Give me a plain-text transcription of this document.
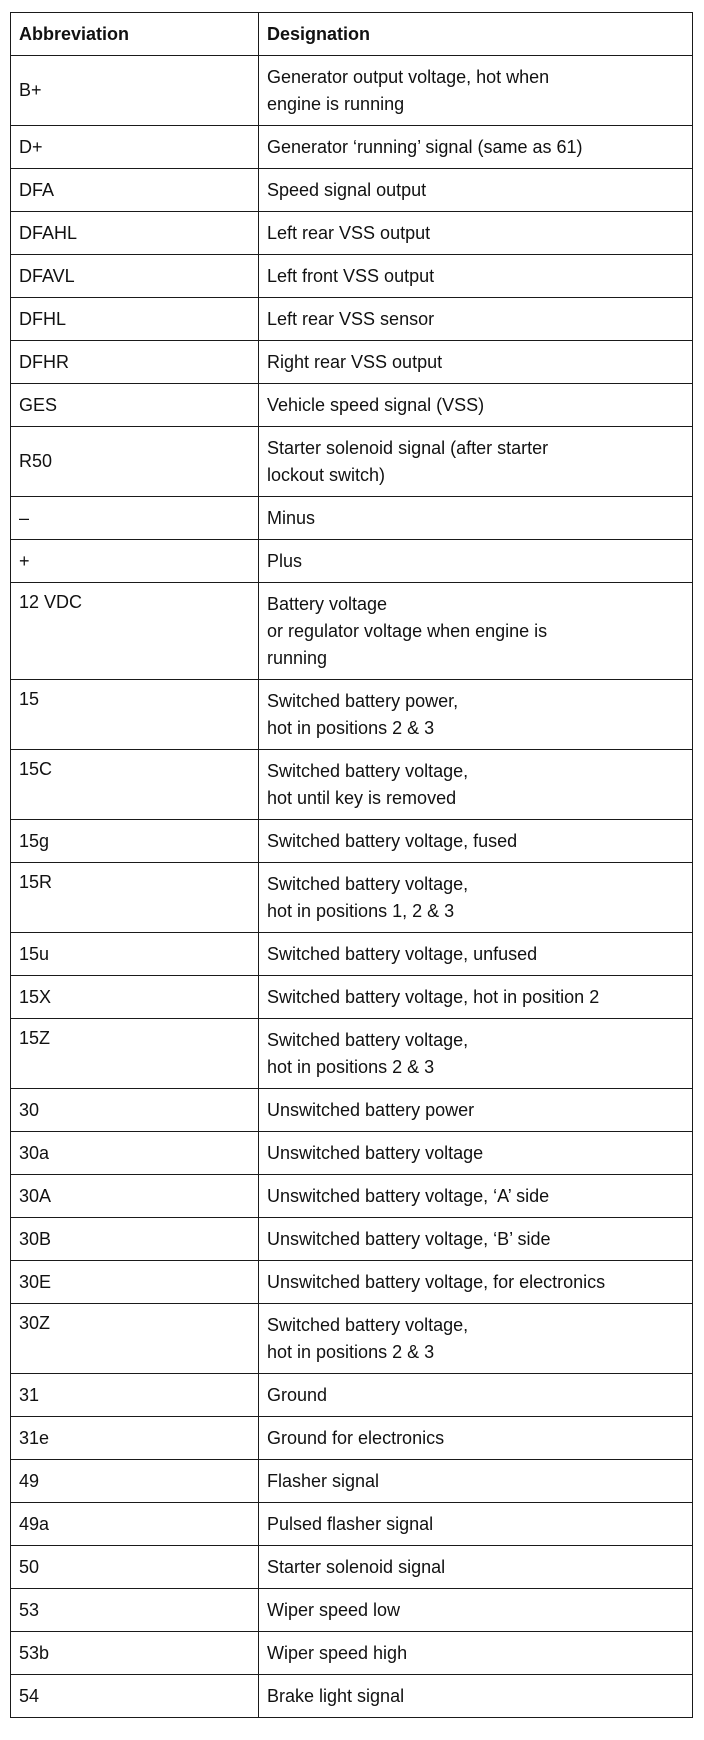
Abbreviation	Designation
B+	Generator output voltage, hot when
engine is running
D+	Generator ‘running’ signal (same as 61)
DFA	Speed signal output
DFAHL	Left rear VSS output
DFAVL	Left front VSS output
DFHL	Left rear VSS sensor
DFHR	Right rear VSS output
GES	Vehicle speed signal (VSS)
R50	Starter solenoid signal (after starter
lockout switch)
–	Minus
+	Plus
12 VDC	Battery voltage
or regulator voltage when engine is
running
15	Switched battery power,
hot in positions 2 & 3
15C	Switched battery voltage,
hot until key is removed
15g	Switched battery voltage, fused
15R	Switched battery voltage,
hot in positions 1, 2 & 3
15u	Switched battery voltage, unfused
15X	Switched battery voltage, hot in position 2
15Z	Switched battery voltage,
hot in positions 2 & 3
30	Unswitched battery power
30a	Unswitched battery voltage
30A	Unswitched battery voltage, ‘A’ side
30B	Unswitched battery voltage, ‘B’ side
30E	Unswitched battery voltage, for electronics
30Z	Switched battery voltage,
hot in positions 2 & 3
31	Ground
31e	Ground for electronics
49	Flasher signal
49a	Pulsed flasher signal
50	Starter solenoid signal
53	Wiper speed low
53b	Wiper speed high
54	Brake light signal
